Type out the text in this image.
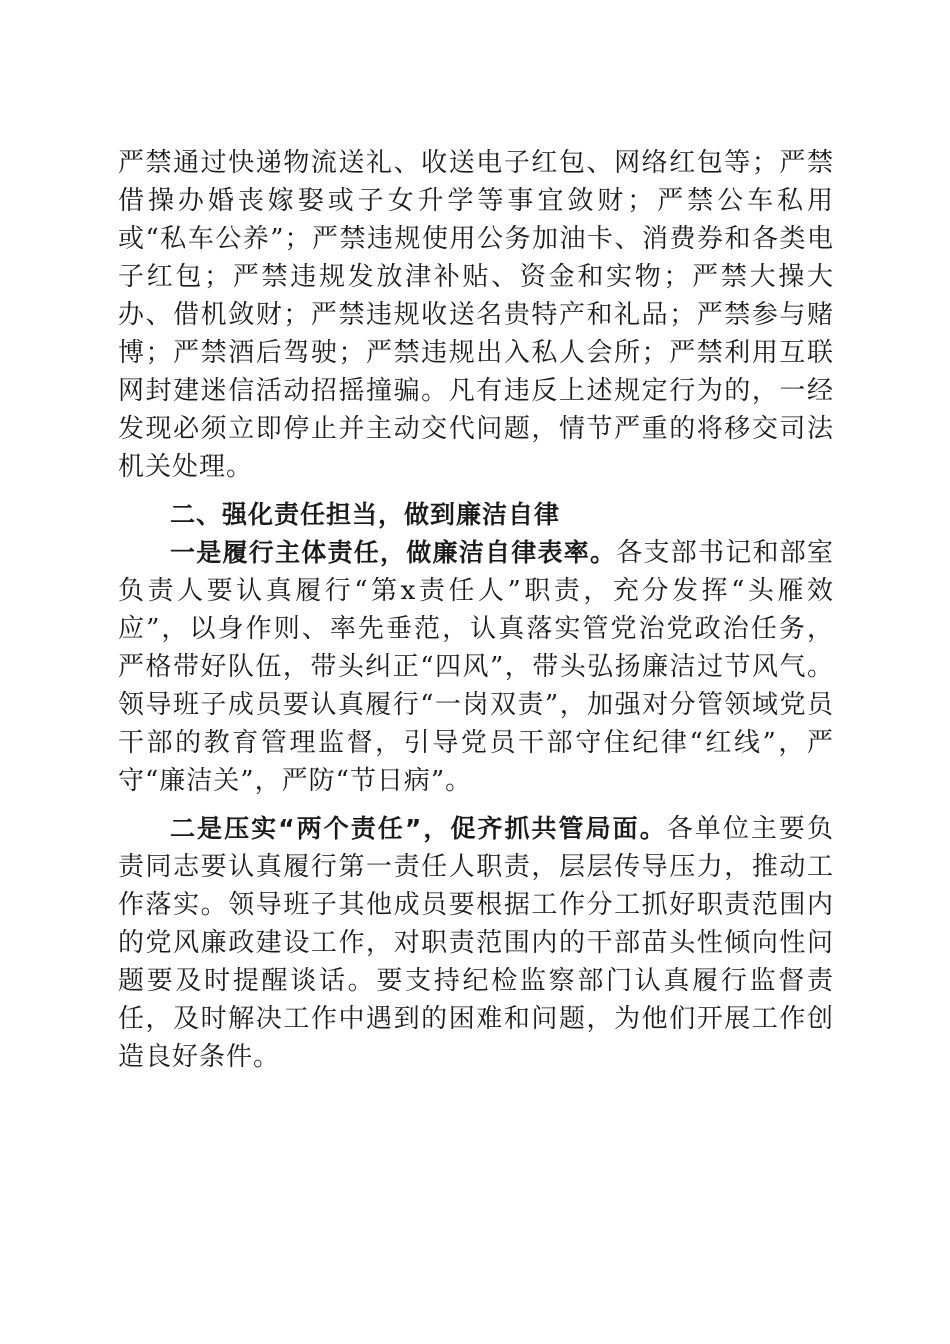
严禁通过快递物流送礼、收送电子红包、网络红包等；严禁借操办婚丧嫁娶或子女升学等事宜敛财；严禁公车私用或“私车公养”；严禁违规使用公务加油卡、消费券和各类电子红包；严禁违规发放津补贴、资金和实物；严禁大操大办、借机敛财；严禁违规收送名贵特产和礼品；严禁参与赌博；严禁酒后驾驶；严禁违规出入私人会所；严禁利用互联网封建迷信活动招摇撞骗。凡有违反上述规定行为的，一经发现必须立即停止并主动交代问题，情节严重的将移交司法机关处理。

二、强化责任担当，做到廉洁自律

一是履行主体责任，做廉洁自律表率。各支部书记和部室负责人要认真履行“第x责任人”职责，充分发挥“头雁效应”，以身作则、率先垂范，认真落实管党治党政治任务，严格带好队伍，带头纠正“四风”，带头弘扬廉洁过节风气。领导班子成员要认真履行“一岗双责”，加强对分管领域党员干部的教育管理监督，引导党员干部守住纪律“红线”，严守“廉洁关”，严防“节日病”。

二是压实“两个责任”，促齐抓共管局面。各单位主要负责同志要认真履行第一责任人职责，层层传导压力，推动工作落实。领导班子其他成员要根据工作分工抓好职责范围内的党风廉政建设工作，对职责范围内的干部苗头性倾向性问题要及时提醒谈话。要支持纪检监察部门认真履行监督责任，及时解决工作中遇到的困难和问题，为他们开展工作创造良好条件。
